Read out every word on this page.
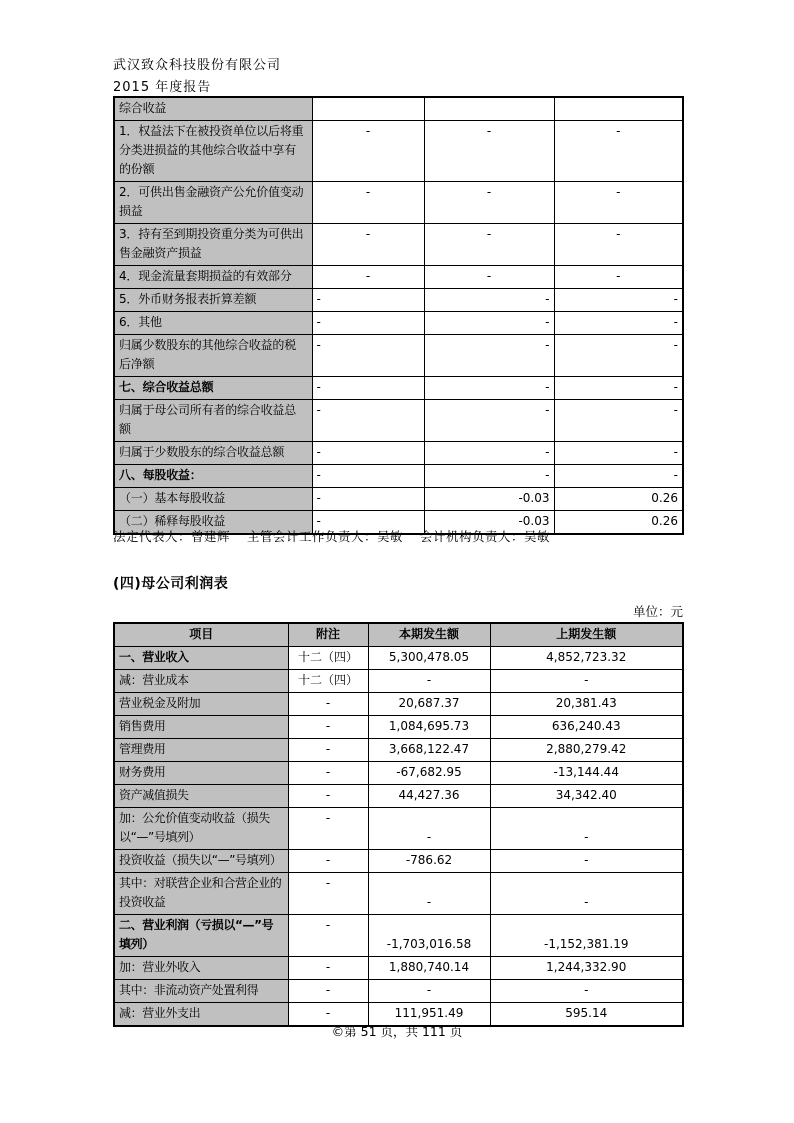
武汉致众科技股份有限公司
2015 年度报告
综合收益			
1．权益法下在被投资单位以后将重分类进损益的其他综合收益中享有的份额	-	-	-
2．可供出售金融资产公允价值变动损益	-	-	-
3．持有至到期投资重分类为可供出售金融资产损益	-	-	-
4．现金流量套期损益的有效部分	-	-	-
5．外币财务报表折算差额	-	-	-
6．其他	-	-	-
归属少数股东的其他综合收益的税后净额	-	-	-
七、综合收益总额	-	-	-
归属于母公司所有者的综合收益总额	-	-	-
归属于少数股东的综合收益总额	-	-	-
八、每股收益：	-	-	-
（一）基本每股收益	-	-0.03	0.26
（二）稀释每股收益	-	-0.03	0.26
法定代表人：曾建辉 主管会计工作负责人：吴敏 会计机构负责人：吴敏
(四)母公司利润表
单位：元
项目	附注	本期发生额	上期发生额
一、营业收入	十二（四）	5,300,478.05	4,852,723.32
减：营业成本	十二（四）	-	-
营业税金及附加	-	20,687.37	20,381.43
销售费用	-	1,084,695.73	636,240.43
管理费用	-	3,668,122.47	2,880,279.42
财务费用	-	-67,682.95	-13,144.44
资产减值损失	-	44,427.36	34,342.40
加：公允价值变动收益（损失以“—”号填列）	-	-	-
投资收益（损失以“—”号填列）	-	-786.62	-
其中：对联营企业和合营企业的投资收益	-	-	-
二、营业利润（亏损以“—”号填列）	-	-1,703,016.58	-1,152,381.19
加：营业外收入	-	1,880,740.14	1,244,332.90
其中：非流动资产处置利得	-	-	-
减：营业外支出	-	111,951.49	595.14
©第 51 页，共 111 页
